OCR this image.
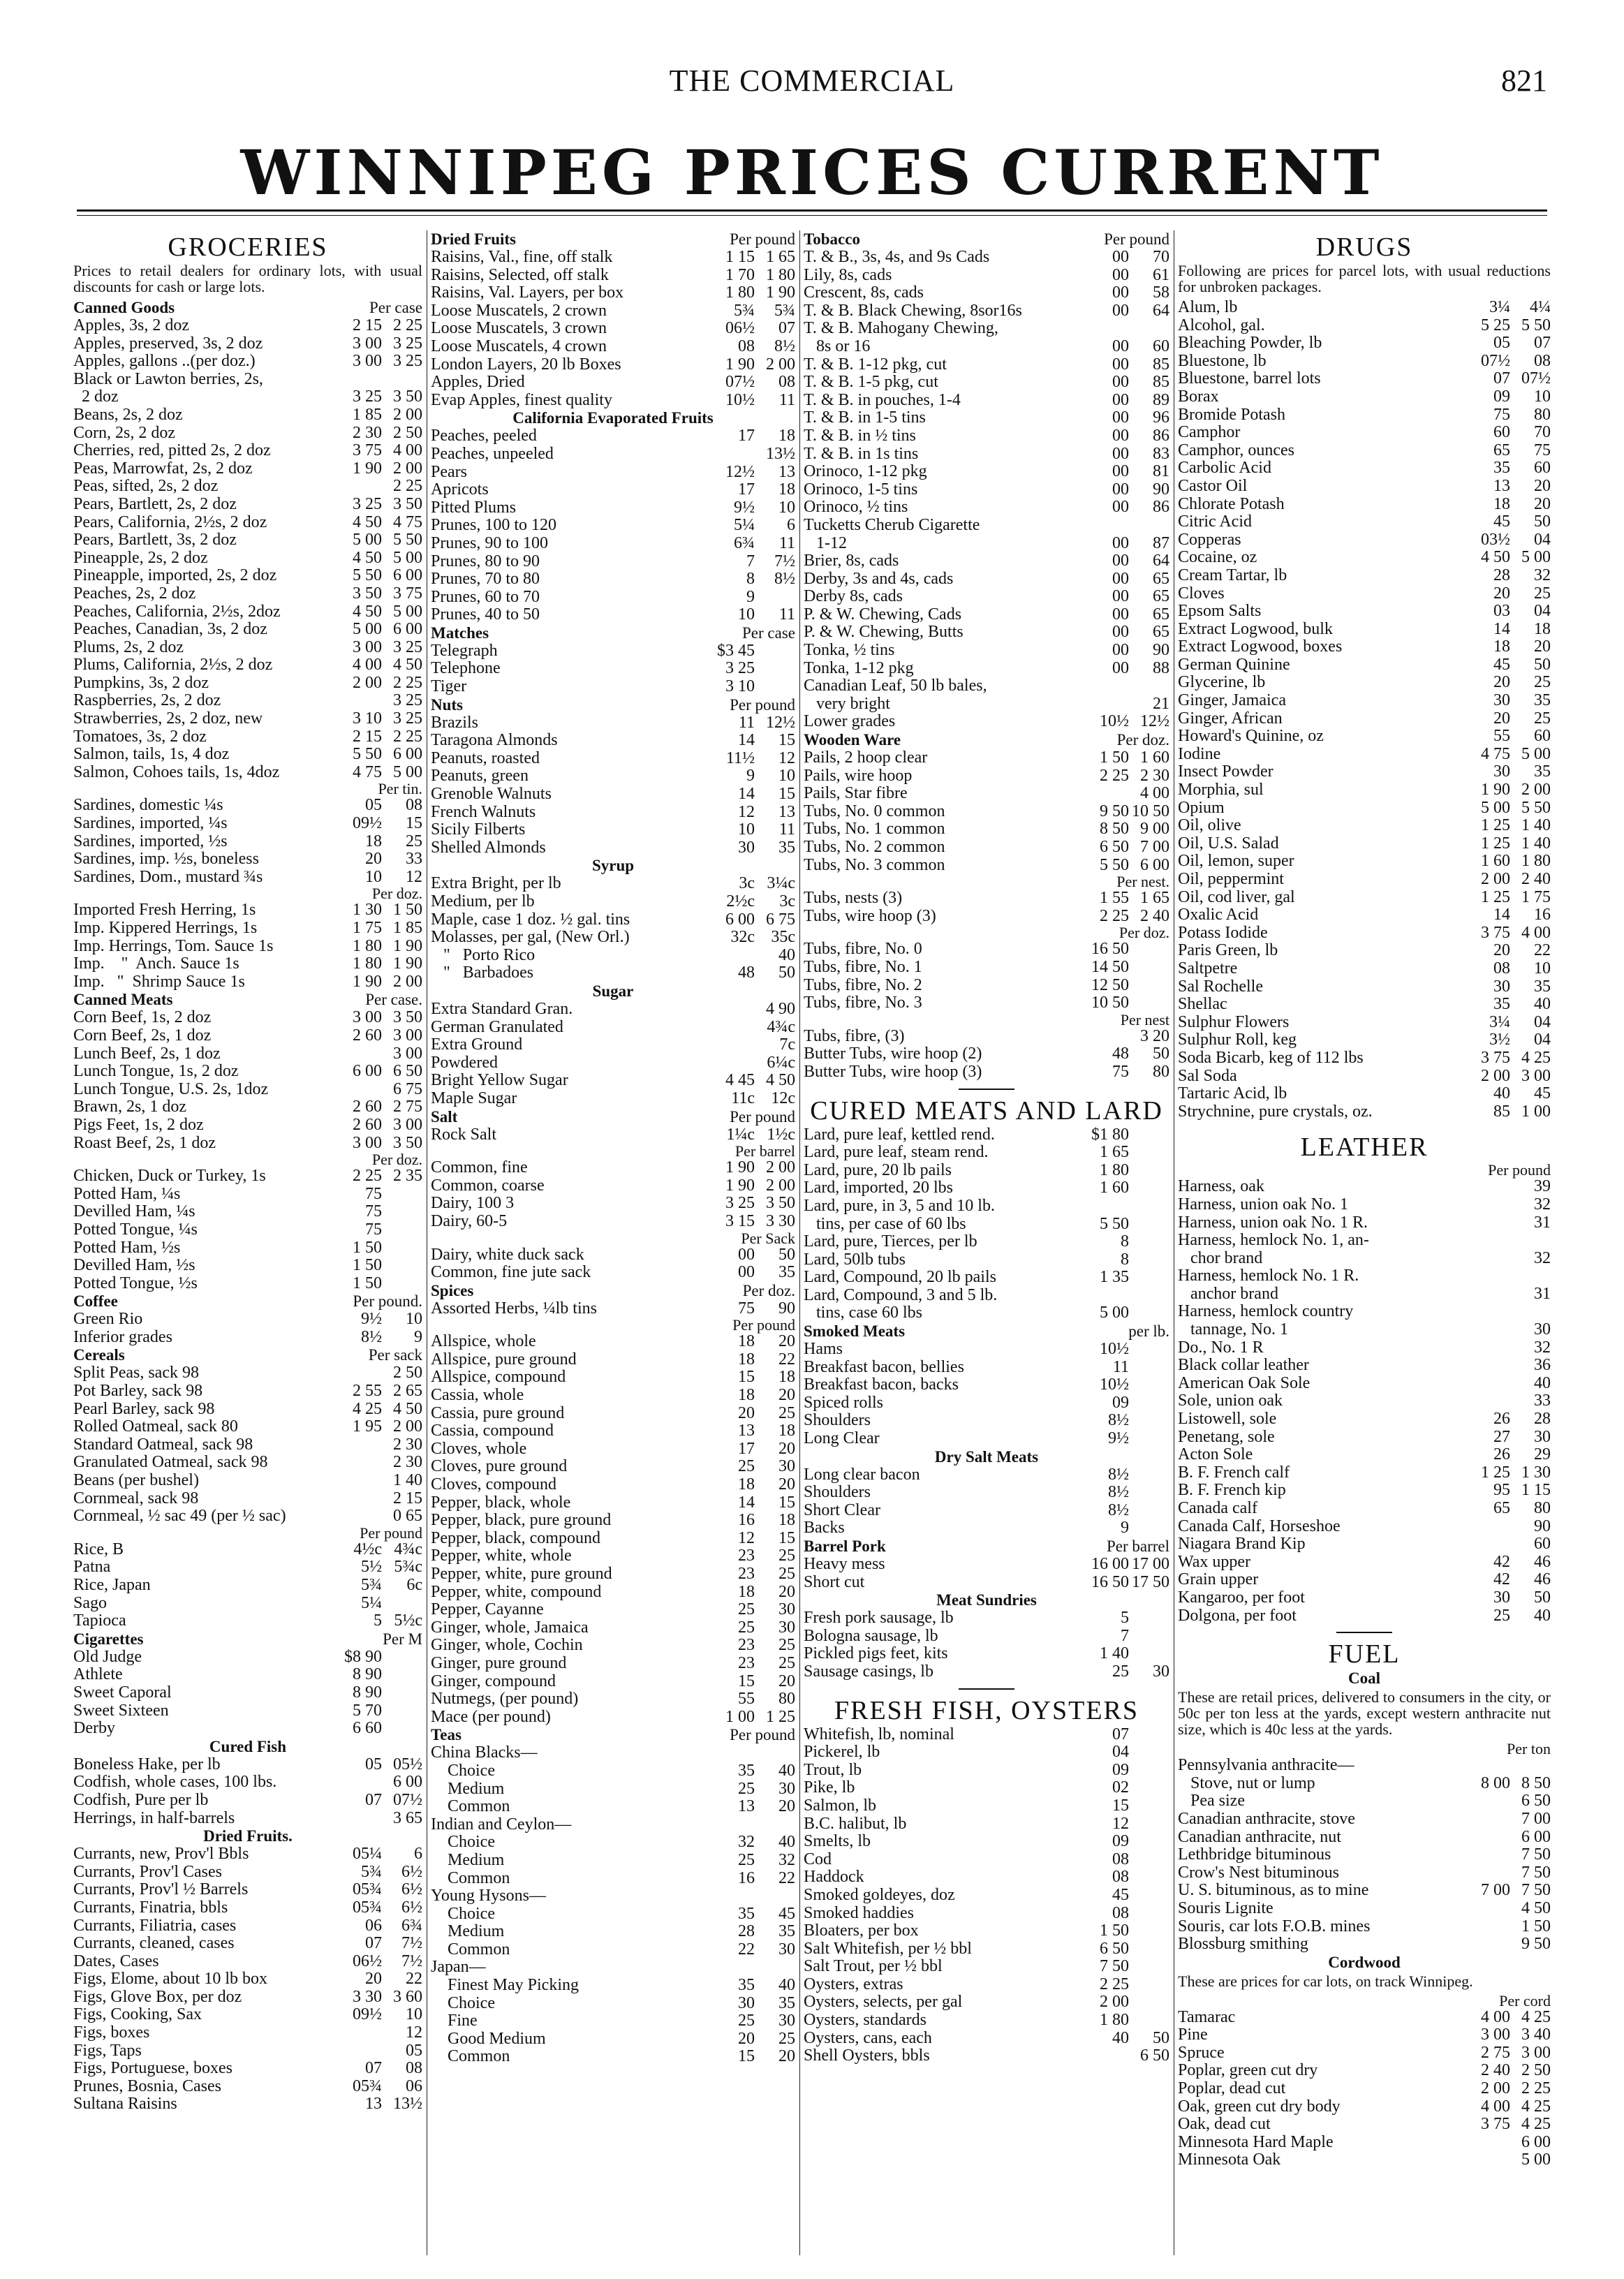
THE COMMERCIAL	821
WINNIPEG PRICES CURRENT
GROCERIES
Prices to retail dealers for ordinary lots, with usual discounts for cash or large lots.
Canned Goods	Per case
Apples, 3s, 2 doz	2 15 2 25
Apples, preserved, 3s, 2 doz	3 00 3 25
Apples, gallons ..(per doz.)	3 00 3 25
Black or Lawton berries, 2s,
2 doz	3 25 3 50
Beans, 2s, 2 doz	1 85 2 00
Corn, 2s, 2 doz	2 30 2 50
Cherries, red, pitted 2s, 2 doz	3 75 4 00
Peas, Marrowfat, 2s, 2 doz	1 90 2 00
Peas, sifted, 2s, 2 doz	2 25
Pears, Bartlett, 2s, 2 doz	3 25 3 50
Pears, California, 2½s, 2 doz	4 50 4 75
Pears, Bartlett, 3s, 2 doz	5 00 5 50
Pineapple, 2s, 2 doz	4 50 5 00
Pineapple, imported, 2s, 2 doz	5 50 6 00
Peaches, 2s, 2 doz	3 50 3 75
Peaches, California, 2½s, 2doz	4 50 5 00
Peaches, Canadian, 3s, 2 doz	5 00 6 00
Plums, 2s, 2 doz	3 00 3 25
Plums, California, 2½s, 2 doz	4 00 4 50
Pumpkins, 3s, 2 doz	2 00 2 25
Raspberries, 2s, 2 doz	3 25
Strawberries, 2s, 2 doz, new	3 10 3 25
Tomatoes, 3s, 2 doz	2 15 2 25
Salmon, tails, 1s, 4 doz	5 50 6 00
Salmon, Cohoes tails, 1s, 4doz	4 75 5 00
Per tin.
Sardines, domestic ¼s	05	08
Sardines, imported, ¼s	09½	15
Sardines, imported, ½s	18	25
Sardines, imp. ½s, boneless	20	33
Sardines, Dom., mustard ¾s	10	12
Per doz.
Imported Fresh Herring, 1s	1 30 1 50
Imp. Kippered Herrings, 1s	1 75 1 85
Imp. Herrings, Tom. Sauce 1s	1 80 1 90
Imp.    "  Anch. Sauce 1s	1 80 1 90
Imp.   "  Shrimp Sauce 1s	1 90 2 00
Canned Meats	Per case.
Corn Beef, 1s, 2 doz	3 00 3 50
Corn Beef, 2s, 1 doz	2 60 3 00
Lunch Beef, 2s, 1 doz	3 00
Lunch Tongue, 1s, 2 doz	6 00 6 50
Lunch Tongue, U.S. 2s, 1doz	6 75
Brawn, 2s, 1 doz	2 60 2 75
Pigs Feet, 1s, 2 doz	2 60 3 00
Roast Beef, 2s, 1 doz	3 00 3 50
Per doz.
Chicken, Duck or Turkey, 1s	2 25 2 35
Potted Ham, ¼s	75
Devilled Ham, ¼s	75
Potted Tongue, ¼s	75
Potted Ham, ½s	1 50
Devilled Ham, ½s	1 50
Potted Tongue, ½s	1 50
Coffee	Per pound.
Green Rio	9½	10
Inferior grades	8½	9
Cereals	Per sack
Split Peas, sack 98	2 50
Pot Barley, sack 98	2 55 2 65
Pearl Barley, sack 98	4 25 4 50
Rolled Oatmeal, sack 80	1 95 2 00
Standard Oatmeal, sack 98	2 30
Granulated Oatmeal, sack 98	2 30
Beans (per bushel)	1 40
Cornmeal, sack 98	2 15
Cornmeal, ½ sac 49 (per ½ sac)	0 65
Per pound
Rice, B	4½c 4¾c
Patna	5½ 5¾c
Rice, Japan	5¾	6c
Sago	5¼
Tapioca	5 5½c
Cigarettes	Per M
Old Judge	$8 90
Athlete	8 90
Sweet Caporal	8 90
Sweet Sixteen	5 70
Derby	6 60
Cured Fish
Boneless Hake, per lb	05 05½
Codfish, whole cases, 100 lbs.	6 00
Codfish, Pure per lb	07 07½
Herrings, in half-barrels	3 65
Dried Fruits.
Currants, new, Prov'l Bbls	05¼	6
Currants, Prov'l Cases	5¾	6½
Currants, Prov'l ½ Barrels	05¾	6½
Currants, Finatria, bbls	05¾	6½
Currants, Filiatria, cases	06	6¾
Currants, cleaned, cases	07	7½
Dates, Cases	06½	7½
Figs, Elome, about 10 lb box	20	22
Figs, Glove Box, per doz	3 30 3 60
Figs, Cooking, Sax	09½	10
Figs, boxes	12
Figs, Taps	05
Figs, Portuguese, boxes	07	08
Prunes, Bosnia, Cases	05¾	06
Sultana Raisins	13 13½
Dried Fruits	Per pound
Raisins, Val., fine, off stalk	1 15 1 65
Raisins, Selected, off stalk	1 70 1 80
Raisins, Val. Layers, per box	1 80 1 90
Loose Muscatels, 2 crown	5¾	5¾
Loose Muscatels, 3 crown	06½	07
Loose Muscatels, 4 crown	08	8½
London Layers, 20 lb Boxes	1 90 2 00
Apples, Dried	07½	08
Evap Apples, finest quality	10½	11
California Evaporated Fruits
Peaches, peeled	17	18
Peaches, unpeeled	13½
Pears	12½	13
Apricots	17	18
Pitted Plums	9½	10
Prunes, 100 to 120	5¼	6
Prunes, 90 to 100	6¾	11
Prunes, 80 to 90	7	7½
Prunes, 70 to 80	8	8½
Prunes, 60 to 70	9
Prunes, 40 to 50	10	11
Matches	Per case
Telegraph	$3 45
Telephone	3 25
Tiger	3 10
Nuts	Per pound
Brazils	11 12½
Taragona Almonds	14	15
Peanuts, roasted	11½	12
Peanuts, green	9	10
Grenoble Walnuts	14	15
French Walnuts	12	13
Sicily Filberts	10	11
Shelled Almonds	30	35
Syrup
Extra Bright, per lb	3c 3¼c
Medium, per lb	2½c	3c
Maple, case 1 doz. ½ gal. tins	6 00 6 75
Molasses, per gal, (New Orl.)	32c 35c
"   Porto Rico	40
"   Barbadoes	48	50
Sugar
Extra Standard Gran.	4 90
German Granulated	4¾c
Extra Ground	7c
Powdered	6¼c
Bright Yellow Sugar	4 45 4 50
Maple Sugar	11c 12c
Salt	Per pound
Rock Salt	1¼c 1½c
Per barrel
Common, fine	1 90 2 00
Common, coarse	1 90 2 00
Dairy, 100 3	3 25 3 50
Dairy, 60-5	3 15 3 30
Per Sack
Dairy, white duck sack	00	50
Common, fine jute sack	00	35
Spices	Per doz.
Assorted Herbs, ¼lb tins	75	90
Per pound
Allspice, whole	18	20
Allspice, pure ground	18	22
Allspice, compound	15	18
Cassia, whole	18	20
Cassia, pure ground	20	25
Cassia, compound	13	18
Cloves, whole	17	20
Cloves, pure ground	25	30
Cloves, compound	18	20
Pepper, black, whole	14	15
Pepper, black, pure ground	16	18
Pepper, black, compound	12	15
Pepper, white, whole	23	25
Pepper, white, pure ground	23	25
Pepper, white, compound	18	20
Pepper, Cayanne	25	30
Ginger, whole, Jamaica	25	30
Ginger, whole, Cochin	23	25
Ginger, pure ground	23	25
Ginger, compound	15	20
Nutmegs, (per pound)	55	80
Mace (per pound)	1 00 1 25
Teas	Per pound
China Blacks—
Choice	35	40
Medium	25	30
Common	13	20
Indian and Ceylon—
Choice	32	40
Medium	25	32
Common	16	22
Young Hysons—
Choice	35	45
Medium	28	35
Common	22	30
Japan—
Finest May Picking	35	40
Choice	30	35
Fine	25	30
Good Medium	20	25
Common	15	20
Tobacco	Per pound
T. & B., 3s, 4s, and 9s Cads	00	70
Lily, 8s, cads	00	61
Crescent, 8s, cads	00	58
T. & B. Black Chewing, 8sor16s	00	64
T. & B. Mahogany Chewing,
8s or 16	00	60
T. & B. 1-12 pkg, cut	00	85
T. & B. 1-5 pkg, cut	00	85
T. & B. in pouches, 1-4	00	89
T. & B. in 1-5 tins	00	96
T. & B. in ½ tins	00	86
T. & B. in 1s tins	00	83
Orinoco, 1-12 pkg	00	81
Orinoco, 1-5 tins	00	90
Orinoco, ½ tins	00	86
Tucketts Cherub Cigarette
1-12	00	87
Brier, 8s, cads	00	64
Derby, 3s and 4s, cads	00	65
Derby 8s, cads	00	65
P. & W. Chewing, Cads	00	65
P. & W. Chewing, Butts	00	65
Tonka, ½ tins	00	90
Tonka, 1-12 pkg	00	88
Canadian Leaf, 50 lb bales,
very bright	21
Lower grades	10½ 12½
Wooden Ware	Per doz.
Pails, 2 hoop clear	1 50 1 60
Pails, wire hoop	2 25 2 30
Pails, Star fibre	4 00
Tubs, No. 0 common	9 50 10 50
Tubs, No. 1 common	8 50 9 00
Tubs, No. 2 common	6 50 7 00
Tubs, No. 3 common	5 50 6 00
Per nest.
Tubs, nests (3)	1 55 1 65
Tubs, wire hoop (3)	2 25 2 40
Per doz.
Tubs, fibre, No. 0	16 50
Tubs, fibre, No. 1	14 50
Tubs, fibre, No. 2	12 50
Tubs, fibre, No. 3	10 50
Per nest
Tubs, fibre, (3)	3 20
Butter Tubs, wire hoop (2)	48	50
Butter Tubs, wire hoop (3)	75	80
CURED MEATS AND LARD
Lard, pure leaf, kettled rend.	$1 80
Lard, pure leaf, steam rend.	1 65
Lard, pure, 20 lb pails	1 80
Lard, imported, 20 lbs	1 60
Lard, pure, in 3, 5 and 10 lb.
tins, per case of 60 lbs	5 50
Lard, pure, Tierces, per lb	8
Lard, 50lb tubs	8
Lard, Compound, 20 lb pails	1 35
Lard, Compound, 3 and 5 lb.
tins, case 60 lbs	5 00
Smoked Meats	per lb.
Hams	10½
Breakfast bacon, bellies	11
Breakfast bacon, backs	10½
Spiced rolls	09
Shoulders	8½
Long Clear	9½
Dry Salt Meats
Long clear bacon	8½
Shoulders	8½
Short Clear	8½
Backs	9
Barrel Pork	Per barrel
Heavy mess	16 00 17 00
Short cut	16 50 17 50
Meat Sundries
Fresh pork sausage, lb	5
Bologna sausage, lb	7
Pickled pigs feet, kits	1 40
Sausage casings, lb	25	30
FRESH FISH, OYSTERS
Whitefish, lb, nominal	07
Pickerel, lb	04
Trout, lb	09
Pike, lb	02
Salmon, lb	15
B.C. halibut, lb	12
Smelts, lb	09
Cod	08
Haddock	08
Smoked goldeyes, doz	45
Smoked haddies	08
Bloaters, per box	1 50
Salt Whitefish, per ½ bbl	6 50
Salt Trout, per ½ bbl	7 50
Oysters, extras	2 25
Oysters, selects, per gal	2 00
Oysters, standards	1 80
Oysters, cans, each	40	50
Shell Oysters, bbls	6 50
DRUGS
Following are prices for parcel lots, with usual reductions for unbroken packages.
Alum, lb	3¼	4¼
Alcohol, gal.	5 25 5 50
Bleaching Powder, lb	05	07
Bluestone, lb	07½	08
Bluestone, barrel lots	07 07½
Borax	09	10
Bromide Potash	75	80
Camphor	60	70
Camphor, ounces	65	75
Carbolic Acid	35	60
Castor Oil	13	20
Chlorate Potash	18	20
Citric Acid	45	50
Copperas	03½	04
Cocaine, oz	4 50 5 00
Cream Tartar, lb	28	32
Cloves	20	25
Epsom Salts	03	04
Extract Logwood, bulk	14	18
Extract Logwood, boxes	18	20
German Quinine	45	50
Glycerine, lb	20	25
Ginger, Jamaica	30	35
Ginger, African	20	25
Howard's Quinine, oz	55	60
Iodine	4 75 5 00
Insect Powder	30	35
Morphia, sul	1 90 2 00
Opium	5 00 5 50
Oil, olive	1 25 1 40
Oil, U.S. Salad	1 25 1 40
Oil, lemon, super	1 60 1 80
Oil, peppermint	2 00 2 40
Oil, cod liver, gal	1 25 1 75
Oxalic Acid	14	16
Potass Iodide	3 75 4 00
Paris Green, lb	20	22
Saltpetre	08	10
Sal Rochelle	30	35
Shellac	35	40
Sulphur Flowers	3¼	04
Sulphur Roll, keg	3½	04
Soda Bicarb, keg of 112 lbs	3 75 4 25
Sal Soda	2 00 3 00
Tartaric Acid, lb	40	45
Strychnine, pure crystals, oz.	85 1 00
LEATHER
Per pound
Harness, oak	39
Harness, union oak No. 1	32
Harness, union oak No. 1 R.	31
Harness, hemlock No. 1, an-
chor brand	32
Harness, hemlock No. 1 R.
anchor brand	31
Harness, hemlock country
tannage, No. 1	30
Do., No. 1 R	32
Black collar leather	36
American Oak Sole	40
Sole, union oak	33
Listowell, sole	26	28
Penetang, sole	27	30
Acton Sole	26	29
B. F. French calf	1 25 1 30
B. F. French kip	95 1 15
Canada calf	65	80
Canada Calf, Horseshoe	90
Niagara Brand Kip	60
Wax upper	42	46
Grain upper	42	46
Kangaroo, per foot	30	50
Dolgona, per foot	25	40
FUEL
Coal
These are retail prices, delivered to consumers in the city, or 50c per ton less at the yards, except western anthracite nut size, which is 40c less at the yards.
Per ton
Pennsylvania anthracite—
Stove, nut or lump	8 00 8 50
Pea size	6 50
Canadian anthracite, stove	7 00
Canadian anthracite, nut	6 00
Lethbridge bituminous	7 50
Crow's Nest bituminous	7 50
U. S. bituminous, as to mine	7 00 7 50
Souris Lignite	4 50
Souris, car lots F.O.B. mines	1 50
Blossburg smithing	9 50
Cordwood
These are prices for car lots, on track Winnipeg.
Per cord
Tamarac	4 00 4 25
Pine	3 00 3 40
Spruce	2 75 3 00
Poplar, green cut dry	2 40 2 50
Poplar, dead cut	2 00 2 25
Oak, green cut dry body	4 00 4 25
Oak, dead cut	3 75 4 25
Minnesota Hard Maple	6 00
Minnesota Oak	5 00
